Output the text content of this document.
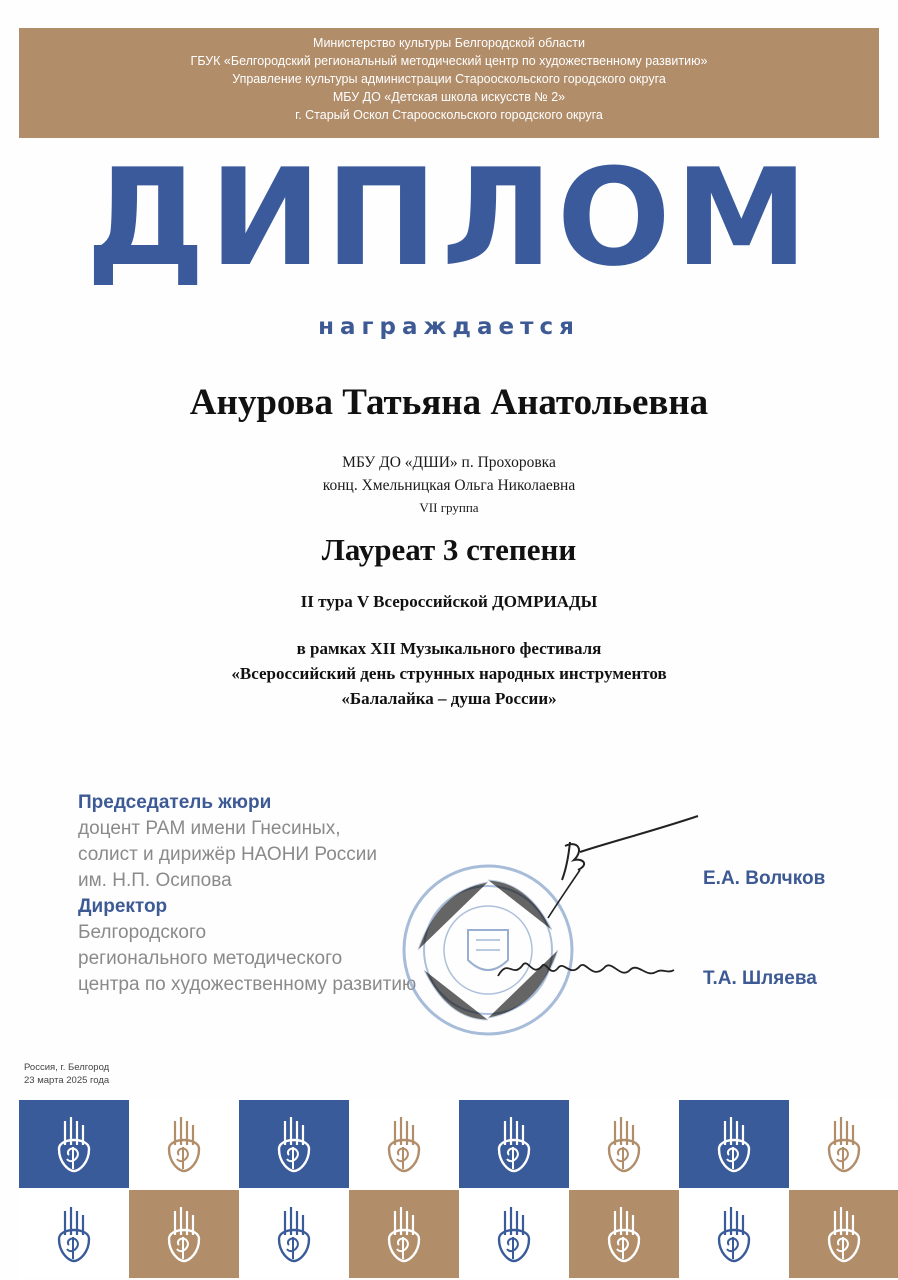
Министерство культуры Белгородской области
ГБУК «Белгородский региональный методический центр по художественному развитию»
Управление культуры администрации Старооскольского городского округа
МБУ ДО «Детская школа искусств № 2»
г. Старый Оскол Старооскольского городского округа
ДИПЛОМ
награждается
Анурова Татьяна Анатольевна
МБУ ДО «ДШИ» п. Прохоровка
конц. Хмельницкая Ольга Николаевна
VII группа
Лауреат 3 степени
II тура V Всероссийской ДОМРИАДЫ
в рамках XII Музыкального фестиваля
«Всероссийский день струнных народных инструментов
«Балалайка – душа России»
Председатель жюри
доцент РАМ имени Гнесиных,
солист и дирижёр НАОНИ России
им. Н.П. Осипова
Директор
Белгородского
регионального методического
центра по художественному развитию
Е.А. Волчков
Т.А. Шляева
Россия, г. Белгород
23 марта 2025 года
